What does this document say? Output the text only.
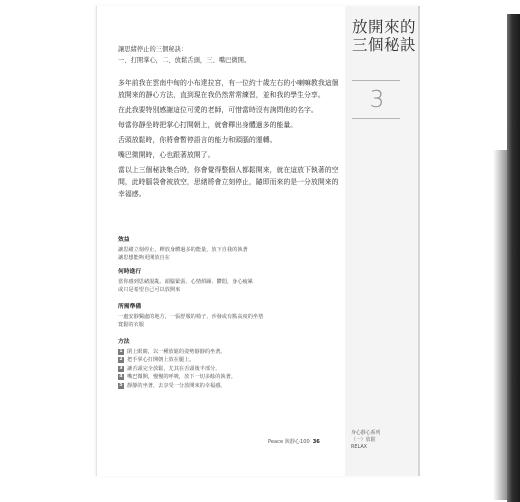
放開來的
三個秘訣
3
讓思緒停止的三個秘訣：
一、打開掌心，二、放鬆舌頭，三、嘴巴微開。

多年前我在雲南中甸的小布達拉宮，有一位約十歲左右的小喇嘛教我這個放開來的靜心方法，直到現在我仍然常常練習，並和我的學生分享。

在此我要特別感謝這位可愛的老師，可惜當時沒有詢問他的名字。

每當你靜坐時把掌心打開朝上，就會釋出身體過多的能量。

舌頭放鬆時，你將會暫停語言的能力和頭腦的運轉。

嘴巴微開時，心也跟著放開了。

當以上三個秘訣集合時，你會覺得整個人都鬆開來，就在這放下執著的空間，此時腦袋會被放空，思緒將會立刻停止，隨即而來的是一分放開來的幸福感。

效益
讓思緒立刻停止，釋放身體過多的能量，放下自我的執著
讓思想能夠更開放自在
何時進行
當你感到思緒混亂、頭腦緊張、心情煩躁、鬱悶，身心疲累
或只是希望自己可以放開來
所需準備
一處安靜獨處的地方，一張舒服的椅子、沙發或有點高度的坐墊
寬鬆的衣服
方法
1 閉上眼睛，以一種放鬆的姿勢靜靜的坐著。
2 把手掌心打開朝上放在腿上。
3 讓舌頭完全放鬆，尤其在舌頭後半部分。
4 嘴巴微開，慢慢的呼吸，放下一切多餘的執著。
5 靜靜的坐著，去享受一分放開來的幸福感。
Peace 與靜心100 36
身心靜心系列
（一）放鬆
RELAX
